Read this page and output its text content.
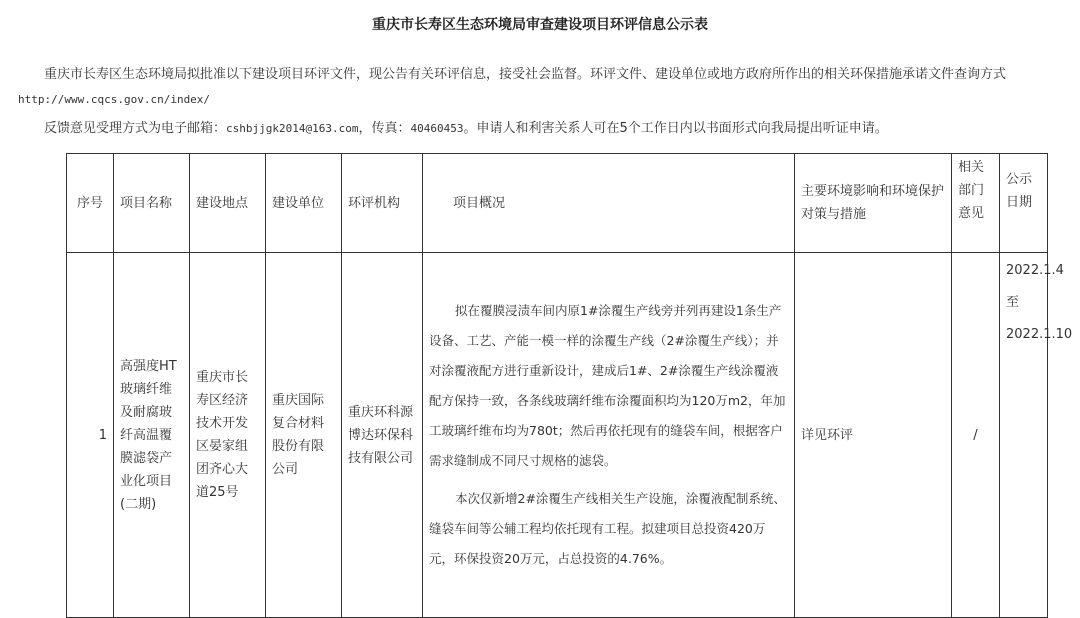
重庆市长寿区生态环境局审查建设项目环评信息公示表
重庆市长寿区生态环境局拟批准以下建设项目环评文件，现公告有关环评信息，接受社会监督。环评文件、建设单位或地方政府所作出的相关环保措施承诺文件查询方式http://www.cqcs.gov.cn/index/
反馈意见受理方式为电子邮箱：cshbjjgk2014@163.com，传真：40460453。申请人和利害关系人可在5个工作日内以书面形式向我局提出听证申请。
序号	项目名称	建设地点	建设单位	环评机构	项目概况	主要环境影响和环境保护对策与措施	相关部门意见	公示日期
1	高强度HT玻璃纤维及耐腐玻纤高温覆膜滤袋产业化项目(二期)	重庆市长寿区经济技术开发区晏家组团齐心大道25号	重庆国际复合材料股份有限公司	重庆环科源博达环保科技有限公司	拟在覆膜浸渍车间内原1#涂覆生产线旁并列再建设1条生产设备、工艺、产能一模一样的涂覆生产线（2#涂覆生产线）；并对涂覆液配方进行重新设计，建成后1#、2#涂覆生产线涂覆液配方保持一致，各条线玻璃纤维布涂覆面积均为120万m2，年加工玻璃纤维布均为780t；然后再依托现有的缝袋车间，根据客户需求缝制成不同尺寸规格的滤袋。

本次仅新增2#涂覆生产线相关生产设施，涂覆液配制系统、缝袋车间等公辅工程均依托现有工程。拟建项目总投资420万元，环保投资20万元，占总投资的4.76%。	详见环评	/	2022.1.4至2022.1.10
